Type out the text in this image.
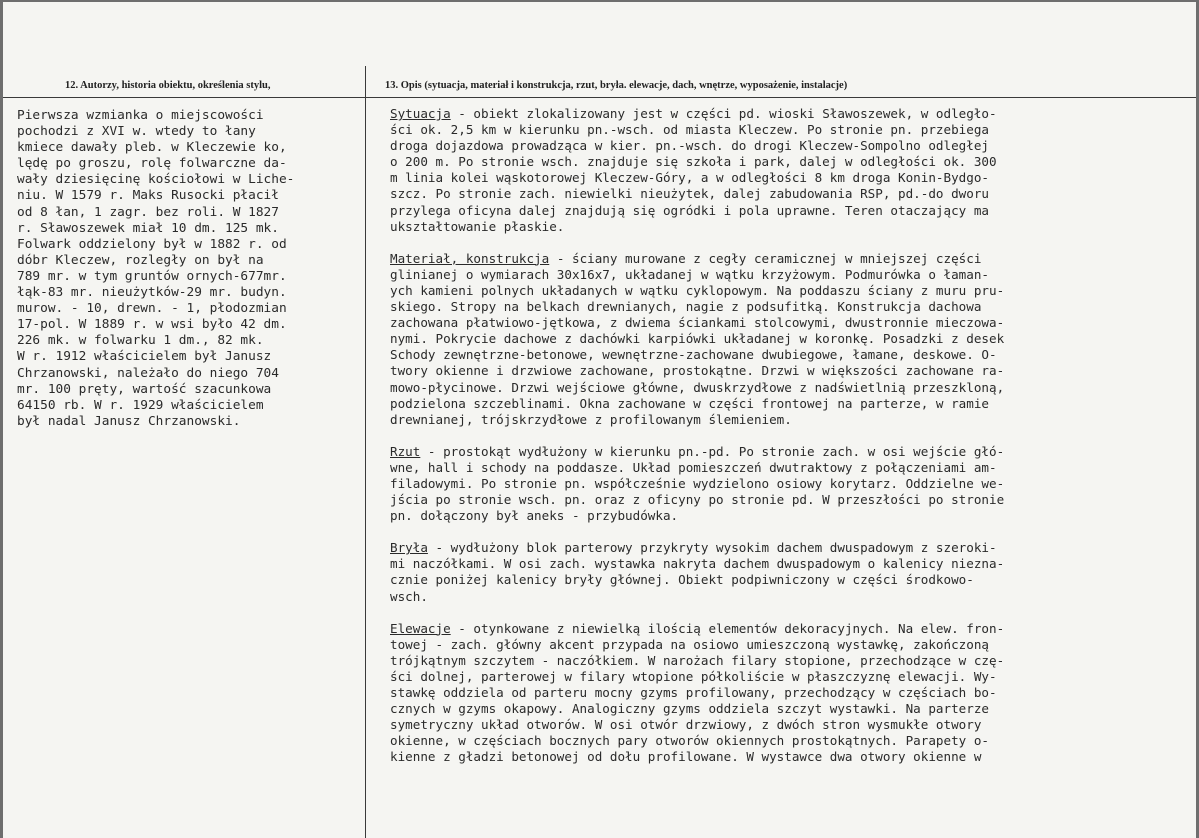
12. Autorzy, historia obiektu, określenia stylu,	13. Opis (sytuacja, materiał i konstrukcja, rzut, bryła. elewacje, dach, wnętrze, wyposażenie, instalacje)
Pierwsza wzmianka o miejscowości
pochodzi z XVI w. wtedy to łany
kmiece dawały pleb. w Kleczewie ko,
lędę po groszu, rolę folwarczne da-
wały dziesięcinę kościołowi w Liche-
niu. W 1579 r. Maks Rusocki płacił
od 8 łan, 1 zagr. bez roli. W 1827
r. Sławoszewek miał 10 dm. 125 mk.
Folwark oddzielony był w 1882 r. od
dóbr Kleczew, rozległy on był na
789 mr. w tym gruntów ornych-677mr.
łąk-83 mr. nieużytków-29 mr. budyn.
murow. - 10, drewn. - 1, płodozmian
17-pol. W 1889 r. w wsi było 42 dm.
226 mk. w folwarku 1 dm., 82 mk.
W r. 1912 właścicielem był Janusz
Chrzanowski, należało do niego 704
mr. 100 pręty, wartość szacunkowa
64150 rb. W r. 1929 właścicielem
był nadal Janusz Chrzanowski.
Sytuacja - obiekt zlokalizowany jest w części pd. wioski Sławoszewek, w odległo-
ści ok. 2,5 km w kierunku pn.-wsch. od miasta Kleczew. Po stronie pn. przebiega
droga dojazdowa prowadząca w kier. pn.-wsch. do drogi Kleczew-Sompolno odległej
o 200 m. Po stronie wsch. znajduje się szkoła i park, dalej w odległości ok. 300
m linia kolei wąskotorowej Kleczew-Góry, a w odległości 8 km droga Konin-Bydgo-
szcz. Po stronie zach. niewielki nieużytek, dalej zabudowania RSP, pd.-do dworu
przylega oficyna dalej znajdują się ogródki i pola uprawne. Teren otaczający ma
ukształtowanie płaskie.
Materiał, konstrukcja - ściany murowane z cegły ceramicznej w mniejszej części
glinianej o wymiarach 30x16x7, układanej w wątku krzyżowym. Podmurówka o łaman-
ych kamieni polnych układanych w wątku cyklopowym. Na poddaszu ściany z muru pru-
skiego. Stropy na belkach drewnianych, nagie z podsufitką. Konstrukcja dachowa
zachowana płatwiowo-jętkowa, z dwiema ściankami stolcowymi, dwustronnie mieczowa-
nymi. Pokrycie dachowe z dachówki karpiówki układanej w koronkę. Posadzki z desek
Schody zewnętrzne-betonowe, wewnętrzne-zachowane dwubiegowe, łamane, deskowe. O-
twory okienne i drzwiowe zachowane, prostokątne. Drzwi w większości zachowane ra-
mowo-płycinowe. Drzwi wejściowe główne, dwuskrzydłowe z nadświetlnią przeszkloną,
podzielona szczeblinami. Okna zachowane w części frontowej na parterze, w ramie
drewnianej, trójskrzydłowe z profilowanym ślemieniem.
Rzut - prostokąt wydłużony w kierunku pn.-pd. Po stronie zach. w osi wejście głó-
wne, hall i schody na poddasze. Układ pomieszczeń dwutraktowy z połączeniami am-
filadowymi. Po stronie pn. współcześnie wydzielono osiowy korytarz. Oddzielne we-
jścia po stronie wsch. pn. oraz z oficyny po stronie pd. W przeszłości po stronie
pn. dołączony był aneks - przybudówka.
Bryła - wydłużony blok parterowy przykryty wysokim dachem dwuspadowym z szeroki-
mi naczółkami. W osi zach. wystawka nakryta dachem dwuspadowym o kalenicy niezna-
cznie poniżej kalenicy bryły głównej. Obiekt podpiwniczony w części środkowo-
wsch.
Elewacje - otynkowane z niewielką ilością elementów dekoracyjnych. Na elew. fron-
towej - zach. główny akcent przypada na osiowo umieszczoną wystawkę, zakończoną
trójkątnym szczytem - naczółkiem. W narożach filary stopione, przechodzące w czę-
ści dolnej, parterowej w filary wtopione półkoliście w płaszczyznę elewacji. Wy-
stawkę oddziela od parteru mocny gzyms profilowany, przechodzący w częściach bo-
cznych w gzyms okapowy. Analogiczny gzyms oddziela szczyt wystawki. Na parterze
symetryczny układ otworów. W osi otwór drzwiowy, z dwóch stron wysmukłe otwory
okienne, w częściach bocznych pary otworów okiennych prostokątnych. Parapety o-
kienne z gładzi betonowej od dołu profilowane. W wystawce dwa otwory okienne w
